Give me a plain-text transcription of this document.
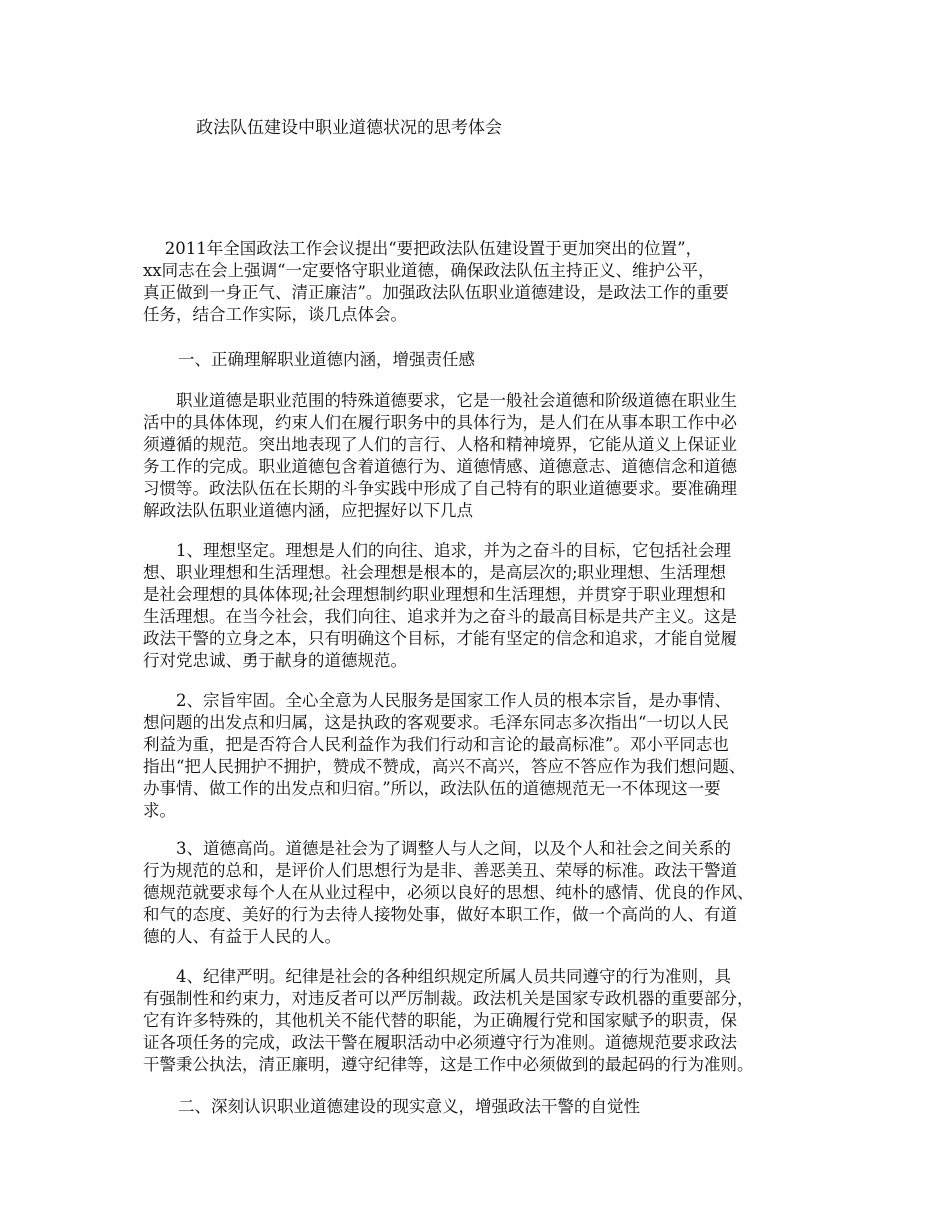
政法队伍建设中职业道德状况的思考体会
　 2011年全国政法工作会议提出“要把政法队伍建设置于更加突出的位置”，
xx同志在会上强调“一定要恪守职业道德，确保政法队伍主持正义、维护公平，
真正做到一身正气、清正廉洁”。加强政法队伍职业道德建设，是政法工作的重要
任务，结合工作实际，谈几点体会。
一、正确理解职业道德内涵，增强责任感
　　职业道德是职业范围的特殊道德要求，它是一般社会道德和阶级道德在职业生
活中的具体体现，约束人们在履行职务中的具体行为，是人们在从事本职工作中必
须遵循的规范。突出地表现了人们的言行、人格和精神境界，它能从道义上保证业
务工作的完成。职业道德包含着道德行为、道德情感、道德意志、道德信念和道德
习惯等。政法队伍在长期的斗争实践中形成了自己特有的职业道德要求。要准确理
解政法队伍职业道德内涵，应把握好以下几点
　　1、理想坚定。理想是人们的向往、追求，并为之奋斗的目标，它包括社会理
想、职业理想和生活理想。社会理想是根本的，是高层次的;职业理想、生活理想
是社会理想的具体体现;社会理想制约职业理想和生活理想，并贯穿于职业理想和
生活理想。在当今社会，我们向往、追求并为之奋斗的最高目标是共产主义。这是
政法干警的立身之本，只有明确这个目标，才能有坚定的信念和追求，才能自觉履
行对党忠诚、勇于献身的道德规范。
　　2、宗旨牢固。全心全意为人民服务是国家工作人员的根本宗旨，是办事情、
想问题的出发点和归属，这是执政的客观要求。毛泽东同志多次指出“一切以人民
利益为重，把是否符合人民利益作为我们行动和言论的最高标准”。邓小平同志也
指出“把人民拥护不拥护，赞成不赞成，高兴不高兴，答应不答应作为我们想问题、
办事情、做工作的出发点和归宿。”所以，政法队伍的道德规范无一不体现这一要
求。
　　3、道德高尚。道德是社会为了调整人与人之间，以及个人和社会之间关系的
行为规范的总和，是评价人们思想行为是非、善恶美丑、荣辱的标准。政法干警道
德规范就要求每个人在从业过程中，必须以良好的思想、纯朴的感情、优良的作风、
和气的态度、美好的行为去待人接物处事，做好本职工作，做一个高尚的人、有道
德的人、有益于人民的人。
　　4、纪律严明。纪律是社会的各种组织规定所属人员共同遵守的行为准则，具
有强制性和约束力，对违反者可以严厉制裁。政法机关是国家专政机器的重要部分，
它有许多特殊的，其他机关不能代替的职能，为正确履行党和国家赋予的职责，保
证各项任务的完成，政法干警在履职活动中必须遵守行为准则。道德规范要求政法
干警秉公执法，清正廉明，遵守纪律等，这是工作中必须做到的最起码的行为准则。
二、深刻认识职业道德建设的现实意义，增强政法干警的自觉性
